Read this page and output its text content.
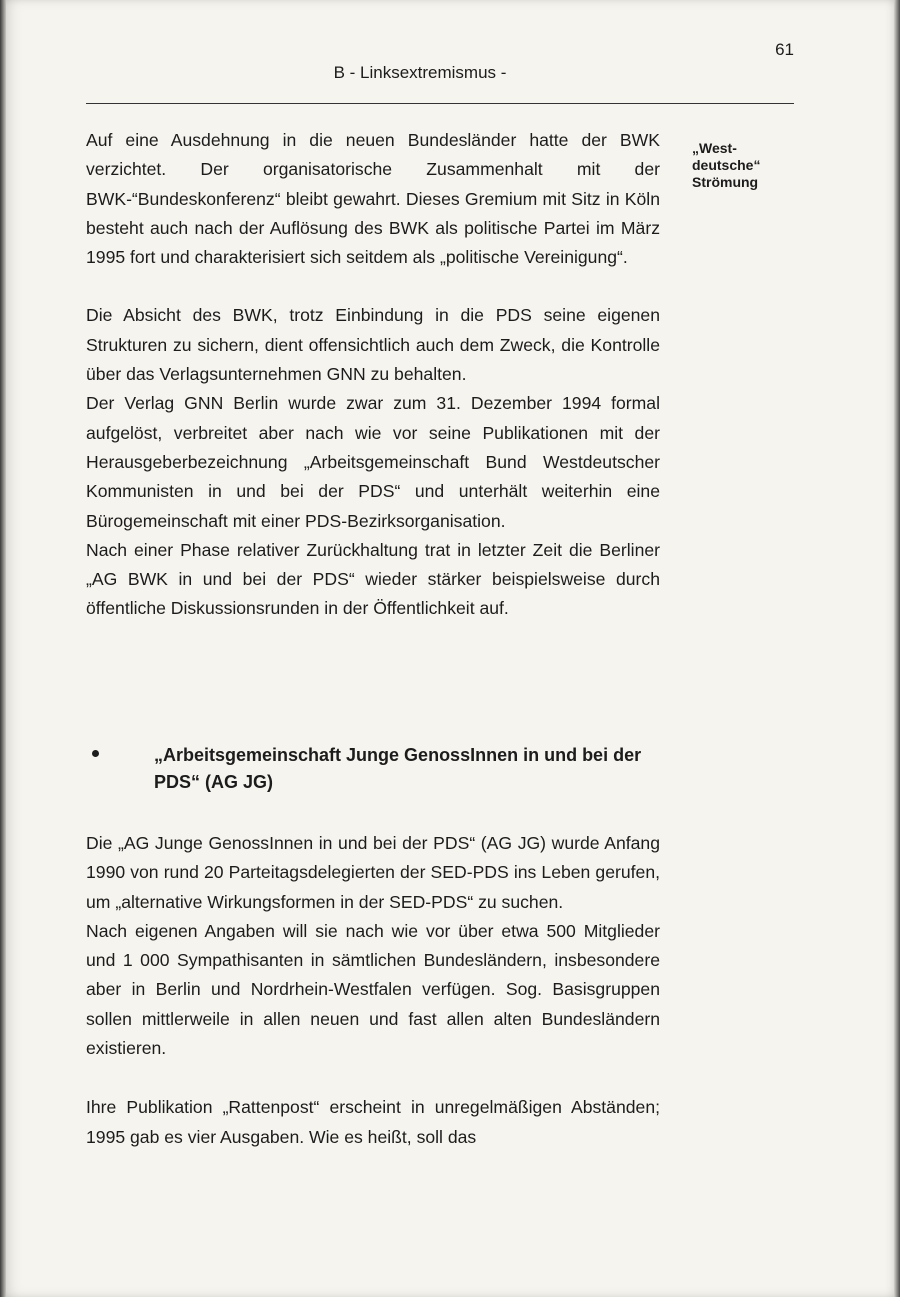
61
B - Linksextremismus -
„West-
deutsche“
Strömung

Auf eine Ausdehnung in die neuen Bundesländer hatte der BWK verzichtet. Der organisatorische Zusammenhalt mit der BWK-“Bundeskonferenz“ bleibt gewahrt. Dieses Gremium mit Sitz in Köln besteht auch nach der Auflösung des BWK als politische Partei im März 1995 fort und charakterisiert sich seitdem als „politische Vereinigung“.

Die Absicht des BWK, trotz Einbindung in die PDS seine eigenen Strukturen zu sichern, dient offensichtlich auch dem Zweck, die Kontrolle über das Verlagsunternehmen GNN zu behalten.

Der Verlag GNN Berlin wurde zwar zum 31. Dezember 1994 formal aufgelöst, verbreitet aber nach wie vor seine Publikationen mit der Herausgeberbezeichnung „Arbeitsgemeinschaft Bund Westdeutscher Kommunisten in und bei der PDS“ und unterhält weiterhin eine Bürogemeinschaft mit einer PDS-Bezirksorganisation.

Nach einer Phase relativer Zurückhaltung trat in letzter Zeit die Berliner „AG BWK in und bei der PDS“ wieder stärker beispielsweise durch öffentliche Diskussionsrunden in der Öffentlichkeit auf.

„Arbeitsgemeinschaft Junge GenossInnen in und bei der PDS“ (AG JG)

Die „AG Junge GenossInnen in und bei der PDS“ (AG JG) wurde Anfang 1990 von rund 20 Parteitagsdelegierten der SED-PDS ins Leben gerufen, um „alternative Wirkungsformen in der SED-PDS“ zu suchen.

Nach eigenen Angaben will sie nach wie vor über etwa 500 Mitglieder und 1 000 Sympathisanten in sämtlichen Bundesländern, insbesondere aber in Berlin und Nordrhein-Westfalen verfügen. Sog. Basisgruppen sollen mittlerweile in allen neuen und fast allen alten Bundesländern existieren.

Ihre Publikation „Rattenpost“ erscheint in unregelmäßigen Abständen; 1995 gab es vier Ausgaben. Wie es heißt, soll das
